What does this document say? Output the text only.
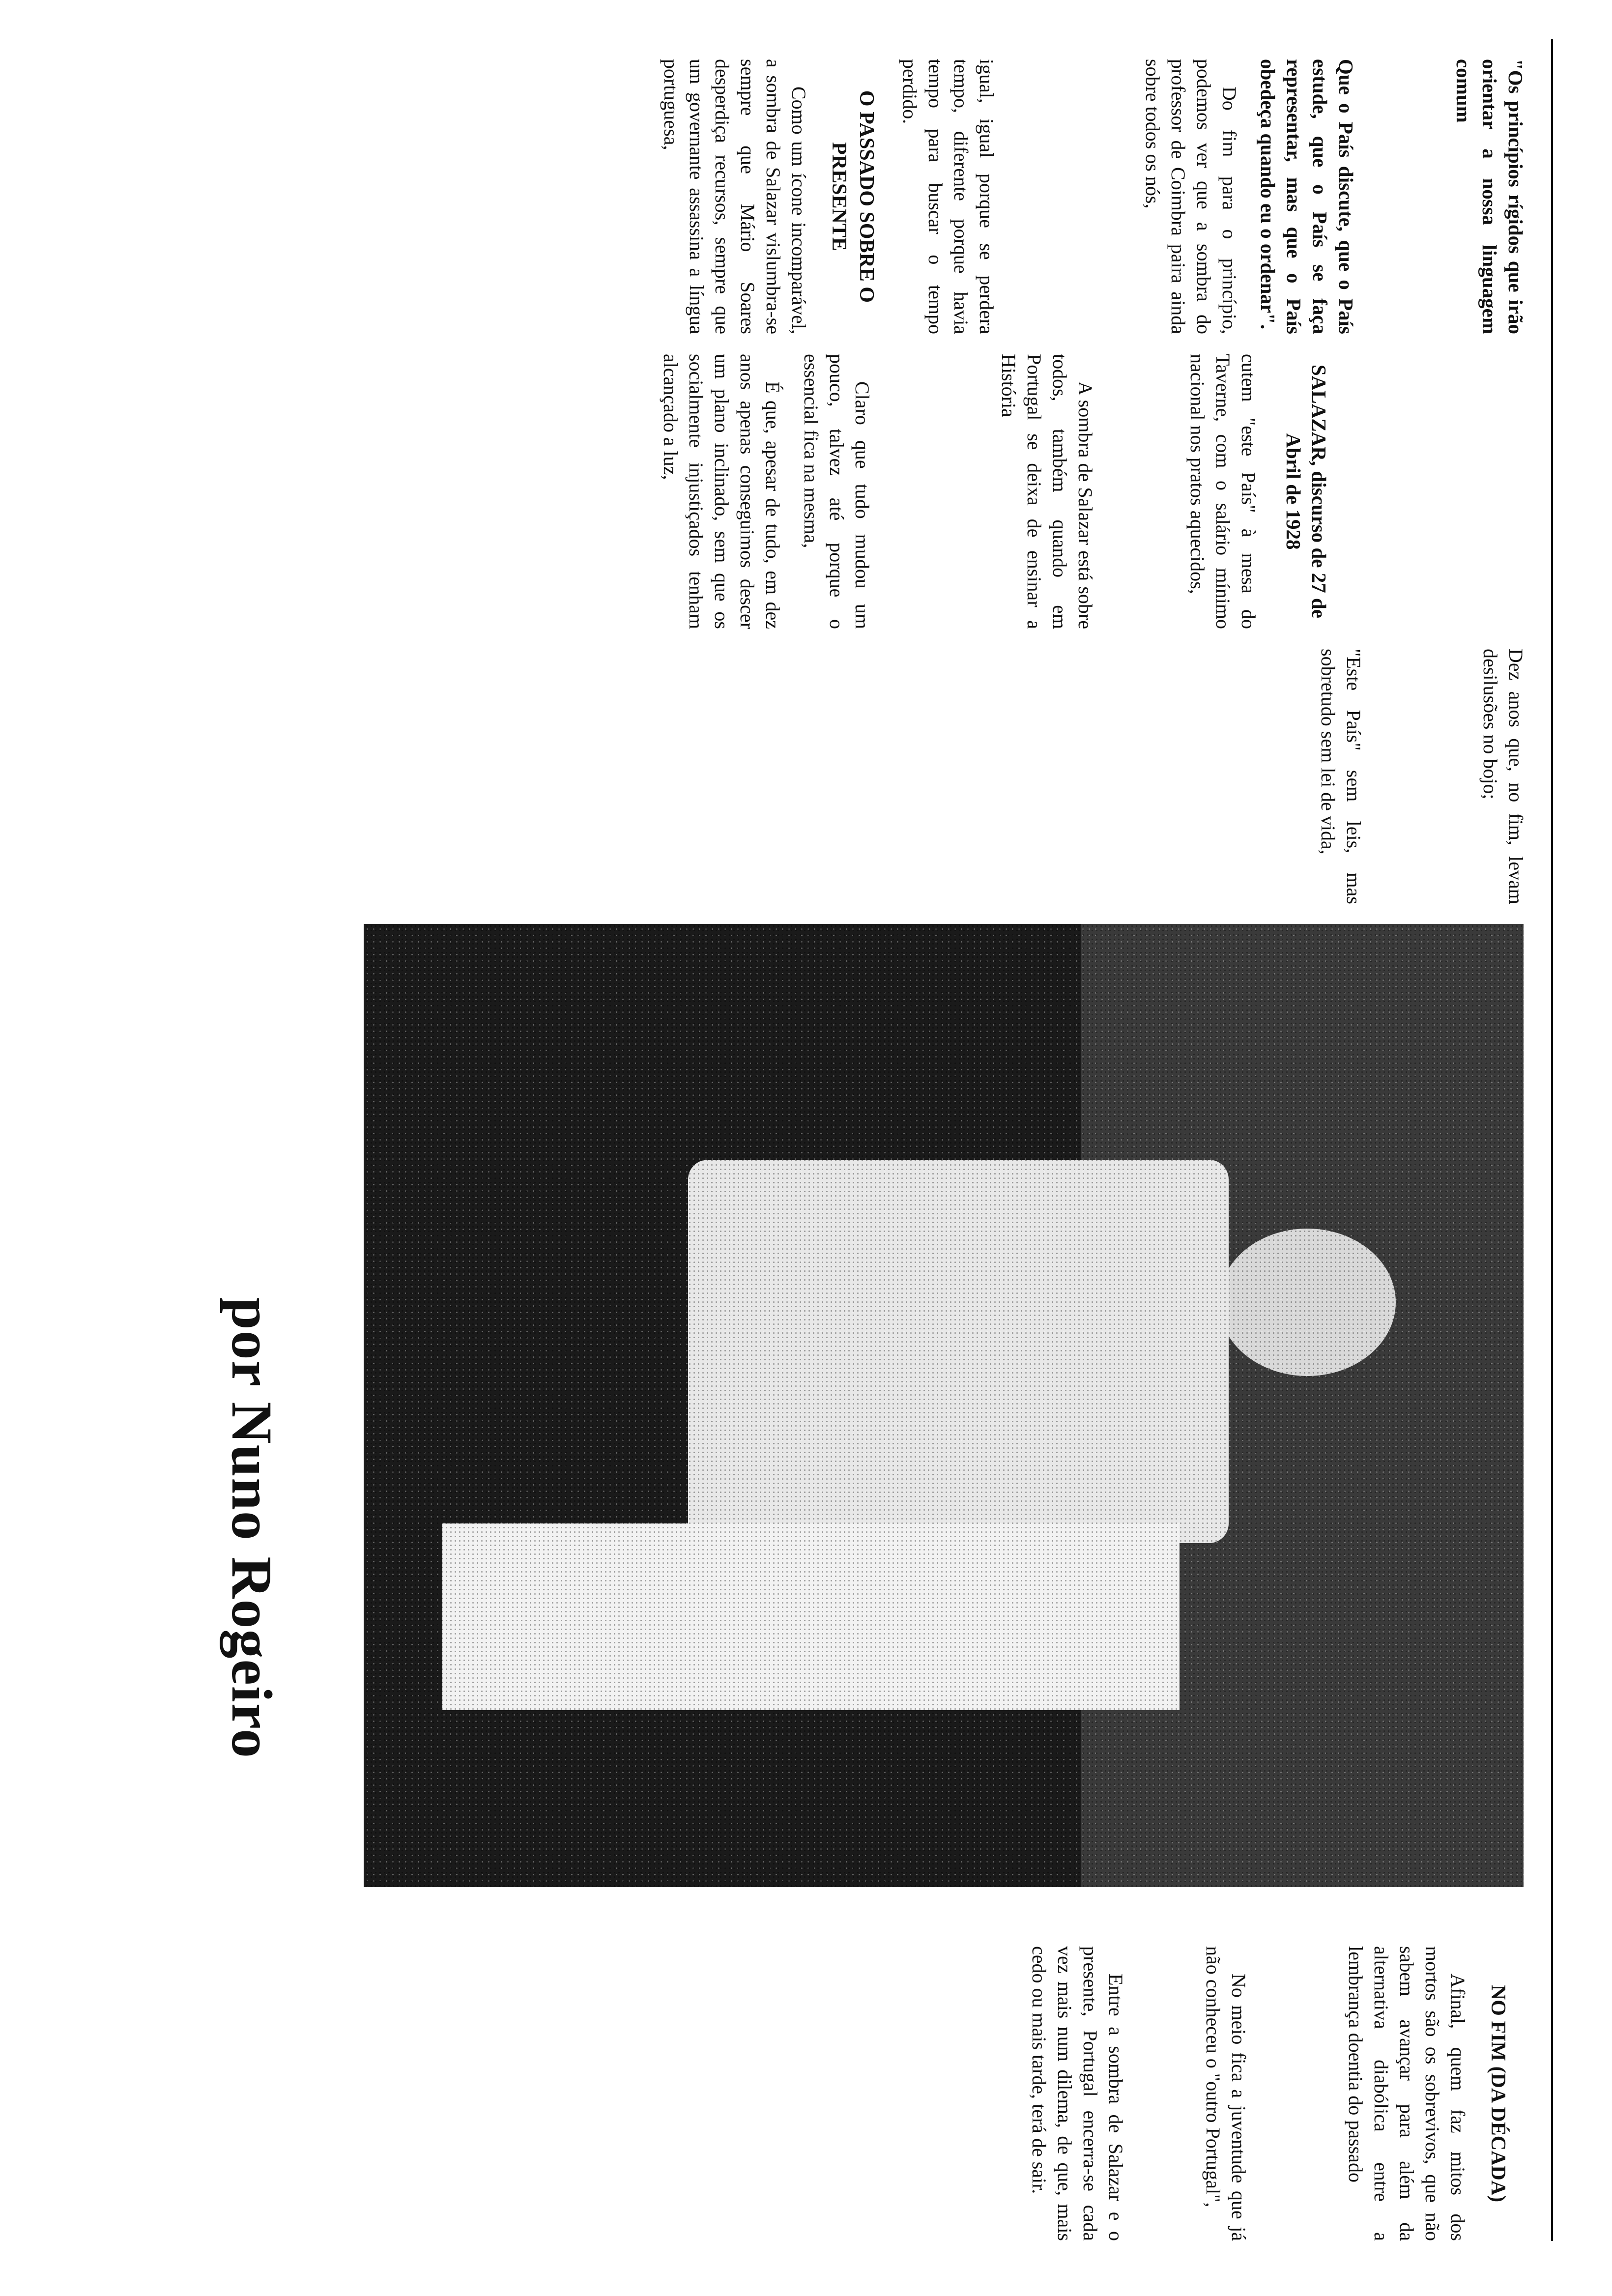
"Os princípios rígidos que irão orientar a nossa linguagem comum

Que o País discute, que o País estude, que o País se faça representar, mas que o País obedeça quando eu o ordenar".

Do fim para o princípio, podemos ver que a sombra do professor de Coimbra paira ainda sobre todos os nós,

igual, igual porque se perdera tempo, diferente porque havia tempo para buscar o tempo perdido.

O PASSADO SOBRE O PRESENTE

Como um ícone incomparável, a sombra de Salazar vislumbra-se sempre que Mário Soares desperdiça recursos, sempre que um governante assassina a língua portuguesa,

SALAZAR, discurso de 27 de Abril de 1928

cutem "este País" à mesa do Taverne, com o salário mínimo nacional nos pratos aquecidos,

A sombra de Salazar está sobre todos, também quando em Portugal se deixa de ensinar a História

Claro que tudo mudou um pouco, talvez até porque o essencial fica na mesma,

É que, apesar de tudo, em dez anos apenas conseguimos descer um plano inclinado, sem que os socialmente injustiçados tenham alcançado a luz,

Dez anos que, no fim, levam desilusões no bojo;

"Este País" sem leis, mas sobretudo sem lei de vida,

por Nuno Rogeiro
NO FIM (DA DÉCADA)

Afinal, quem faz mitos dos mortos são os sobrevivos, que não sabem avançar para além da alternativa diabólica entre a lembrança doentia do passado

No meio fica a juventude que já não conheceu o "outro Portugal",

Entre a sombra de Salazar e o presente, Portugal encerra-se cada vez mais num dilema, de que, mais cedo ou mais tarde, terá de sair.
